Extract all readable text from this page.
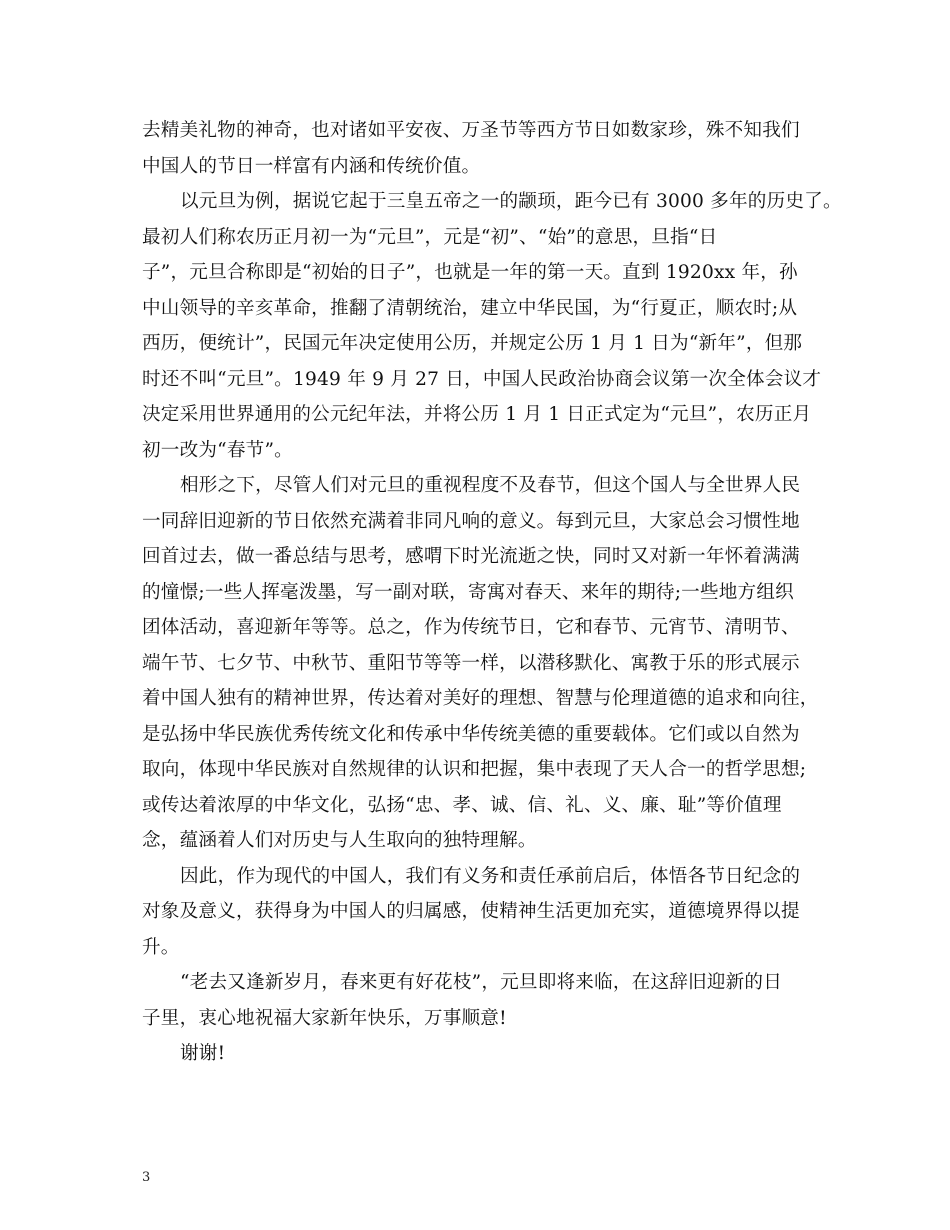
去精美礼物的神奇，也对诸如平安夜、万圣节等西方节日如数家珍，殊不知我们
中国人的节日一样富有内涵和传统价值。

以元旦为例，据说它起于三皇五帝之一的颛顼，距今已有 3000 多年的历史了。
最初人们称农历正月初一为“元旦”，元是“初”、“始”的意思，旦指“日
子”，元旦合称即是“初始的日子”，也就是一年的第一天。直到 1920xx 年，孙
中山领导的辛亥革命，推翻了清朝统治，建立中华民国，为“行夏正，顺农时;从
西历，便统计”，民国元年决定使用公历，并规定公历 1 月 1 日为“新年”，但那
时还不叫“元旦”。1949 年 9 月 27 日，中国人民政治协商会议第一次全体会议才
决定采用世界通用的公元纪年法，并将公历 1 月 1 日正式定为“元旦”，农历正月
初一改为“春节”。

相形之下，尽管人们对元旦的重视程度不及春节，但这个国人与全世界人民
一同辞旧迎新的节日依然充满着非同凡响的意义。每到元旦，大家总会习惯性地
回首过去，做一番总结与思考，感喟下时光流逝之快，同时又对新一年怀着满满
的憧憬;一些人挥毫泼墨，写一副对联，寄寓对春天、来年的期待;一些地方组织
团体活动，喜迎新年等等。总之，作为传统节日，它和春节、元宵节、清明节、
端午节、七夕节、中秋节、重阳节等等一样，以潜移默化、寓教于乐的形式展示
着中国人独有的精神世界，传达着对美好的理想、智慧与伦理道德的追求和向往，
是弘扬中华民族优秀传统文化和传承中华传统美德的重要载体。它们或以自然为
取向，体现中华民族对自然规律的认识和把握，集中表现了天人合一的哲学思想;
或传达着浓厚的中华文化，弘扬“忠、孝、诚、信、礼、义、廉、耻”等价值理
念，蕴涵着人们对历史与人生取向的独特理解。

因此，作为现代的中国人，我们有义务和责任承前启后，体悟各节日纪念的
对象及意义，获得身为中国人的归属感，使精神生活更加充实，道德境界得以提
升。

“老去又逢新岁月，春来更有好花枝”，元旦即将来临，在这辞旧迎新的日
子里，衷心地祝福大家新年快乐，万事顺意!

谢谢!

3
